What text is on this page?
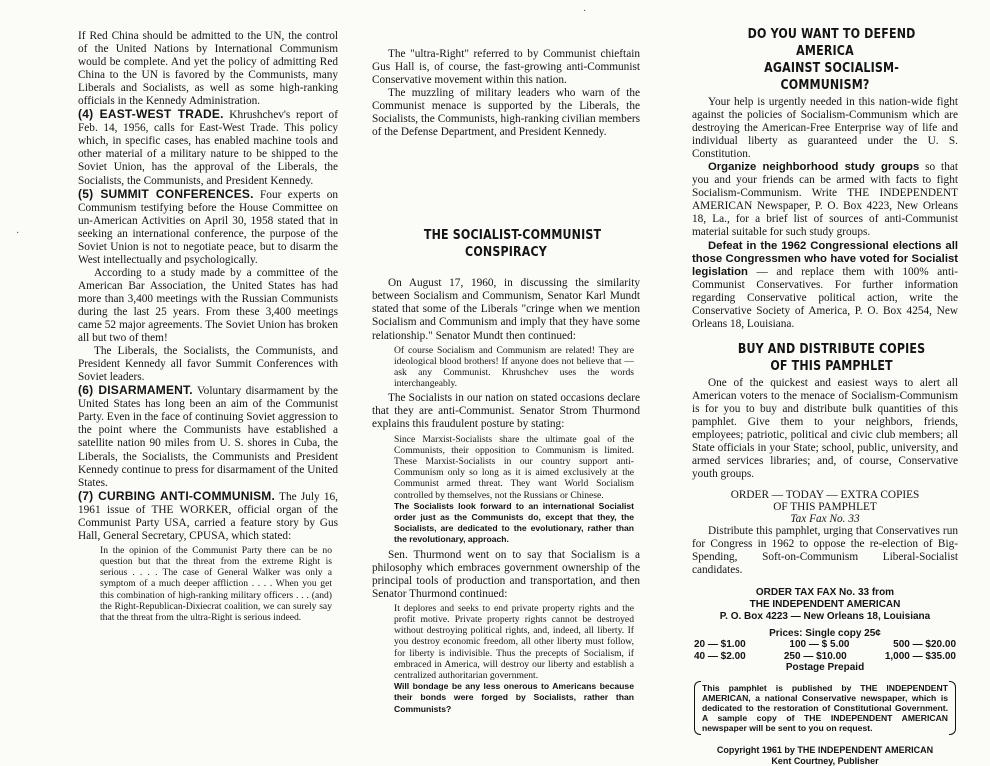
·
·

If Red China should be admitted to the UN, the control of the United Nations by International Communism would be complete. And yet the policy of admitting Red China to the UN is favored by the Communists, many Liberals and Socialists, as well as some high-ranking officials in the Kennedy Administration.

(4) EAST-WEST TRADE. Khrushchev's report of Feb. 14, 1956, calls for East-West Trade. This policy which, in specific cases, has enabled machine tools and other material of a military nature to be shipped to the Soviet Union, has the approval of the Liberals, the Socialists, the Communists, and President Kennedy.

(5) SUMMIT CONFERENCES. Four experts on Communism testifying before the House Committee on un-American Activities on April 30, 1958 stated that in seeking an international conference, the purpose of the Soviet Union is not to negotiate peace, but to disarm the West intellectually and psychologically.

According to a study made by a committee of the American Bar Association, the United States has had more than 3,400 meetings with the Russian Communists during the last 25 years. From these 3,400 meetings came 52 major agreements. The Soviet Union has broken all but two of them!

The Liberals, the Socialists, the Communists, and President Kennedy all favor Summit Conferences with Soviet leaders.

(6) DISARMAMENT. Voluntary disarmament by the United States has long been an aim of the Communist Party. Even in the face of continuing Soviet aggression to the point where the Communists have established a satellite nation 90 miles from U. S. shores in Cuba, the Liberals, the Socialists, the Communists and President Kennedy continue to press for disarmament of the United States.

(7) CURBING ANTI-COMMUNISM. The July 16, 1961 issue of THE WORKER, official organ of the Communist Party USA, carried a feature story by Gus Hall, General Secretary, CPUSA, which stated:

In the opinion of the Communist Party there can be no question but that the threat from the extreme Right is serious . . . . The case of General Walker was only a symptom of a much deeper affliction . . . . When you get this combination of high-ranking military officers . . . (and) the Right-Republican-Dixiecrat coalition, we can surely say that the threat from the ultra-Right is serious indeed.

The "ultra-Right" referred to by Communist chieftain Gus Hall is, of course, the fast-growing anti-Communist Conservative movement within this nation.

The muzzling of military leaders who warn of the Communist menace is supported by the Liberals, the Socialists, the Communists, high-ranking civilian members of the Defense Department, and President Kennedy.

THE SOCIALIST-COMMUNIST CONSPIRACY

On August 17, 1960, in discussing the similarity between Socialism and Communism, Senator Karl Mundt stated that some of the Liberals "cringe when we mention Socialism and Communism and imply that they have some relationship." Senator Mundt then continued:

Of course Socialism and Communism are related! They are ideological blood brothers! If anyone does not believe that — ask any Communist. Khrushchev uses the words interchangeably.

The Socialists in our nation on stated occasions declare that they are anti-Communist. Senator Strom Thurmond explains this fraudulent posture by stating:

Since Marxist-Socialists share the ultimate goal of the Communists, their opposition to Communism is limited. These Marxist-Socialists in our country support anti-Communism only so long as it is aimed exclusively at the Communist armed threat. They want World Socialism controlled by themselves, not the Russians or Chinese.

The Socialists look forward to an international Socialist order just as the Communists do, except that they, the Socialists, are dedicated to the evolutionary, rather than the revolutionary, approach.

Sen. Thurmond went on to say that Socialism is a philosophy which embraces government ownership of the principal tools of production and transportation, and then Senator Thurmond continued:

It deplores and seeks to end private property rights and the profit motive. Private property rights cannot be destroyed without destroying political rights, and, indeed, all liberty. If you destroy economic freedom, all other liberty must follow, for liberty is indivisible. Thus the precepts of Socialism, if embraced in America, will destroy our liberty and establish a centralized authoritarian government.

Will bondage be any less onerous to Americans because their bonds were forged by Socialists, rather than Communists?

DO YOU WANT TO DEFEND AMERICA

AGAINST SOCIALISM-COMMUNISM?

Your help is urgently needed in this nation-wide fight against the policies of Socialism-Communism which are destroying the American-Free Enterprise way of life and individual liberty as guaranteed under the U. S. Constitution.

Organize neighborhood study groups so that you and your friends can be armed with facts to fight Socialism-Communism. Write THE INDEPENDENT AMERICAN Newspaper, P. O. Box 4223, New Orleans 18, La., for a brief list of sources of anti-Communist material suitable for such study groups.

Defeat in the 1962 Congressional elections all those Congressmen who have voted for Socialist legislation — and replace them with 100% anti-Communist Conservatives. For further information regarding Conservative political action, write the Conservative Society of America, P. O. Box 4254, New Orleans 18, Louisiana.

BUY AND DISTRIBUTE COPIES

OF THIS PAMPHLET

One of the quickest and easiest ways to alert all American voters to the menace of Socialism-Communism is for you to buy and distribute bulk quantities of this pamphlet. Give them to your neighbors, friends, employees; patriotic, political and civic club members; all State officials in your State; school, public, university, and armed services libraries; and, of course, Conservative youth groups.

ORDER — TODAY — EXTRA COPIES

OF THIS PAMPHLET

Tax Fax No. 33

Distribute this pamphlet, urging that Conservatives run for Congress in 1962 to oppose the re-election of Big-Spending, Soft-on-Communism Liberal-Socialist candidates.

ORDER TAX FAX No. 33 from
THE INDEPENDENT AMERICAN
P. O. Box 4223 — New Orleans 18, Louisiana
Prices: Single copy 25¢
20 — $1.00	100 — $ 5.00	500 — $20.00
40 — $2.00	250 — $10.00	1,000 — $35.00
Postage Prepaid
This pamphlet is published by THE INDEPENDENT AMERICAN, a national Conservative newspaper, which is dedicated to the restoration of Constitutional Government. A sample copy of THE INDEPENDENT AMERICAN newspaper will be sent to you on request.
Copyright 1961 by THE INDEPENDENT AMERICAN
Kent Courtney, Publisher
